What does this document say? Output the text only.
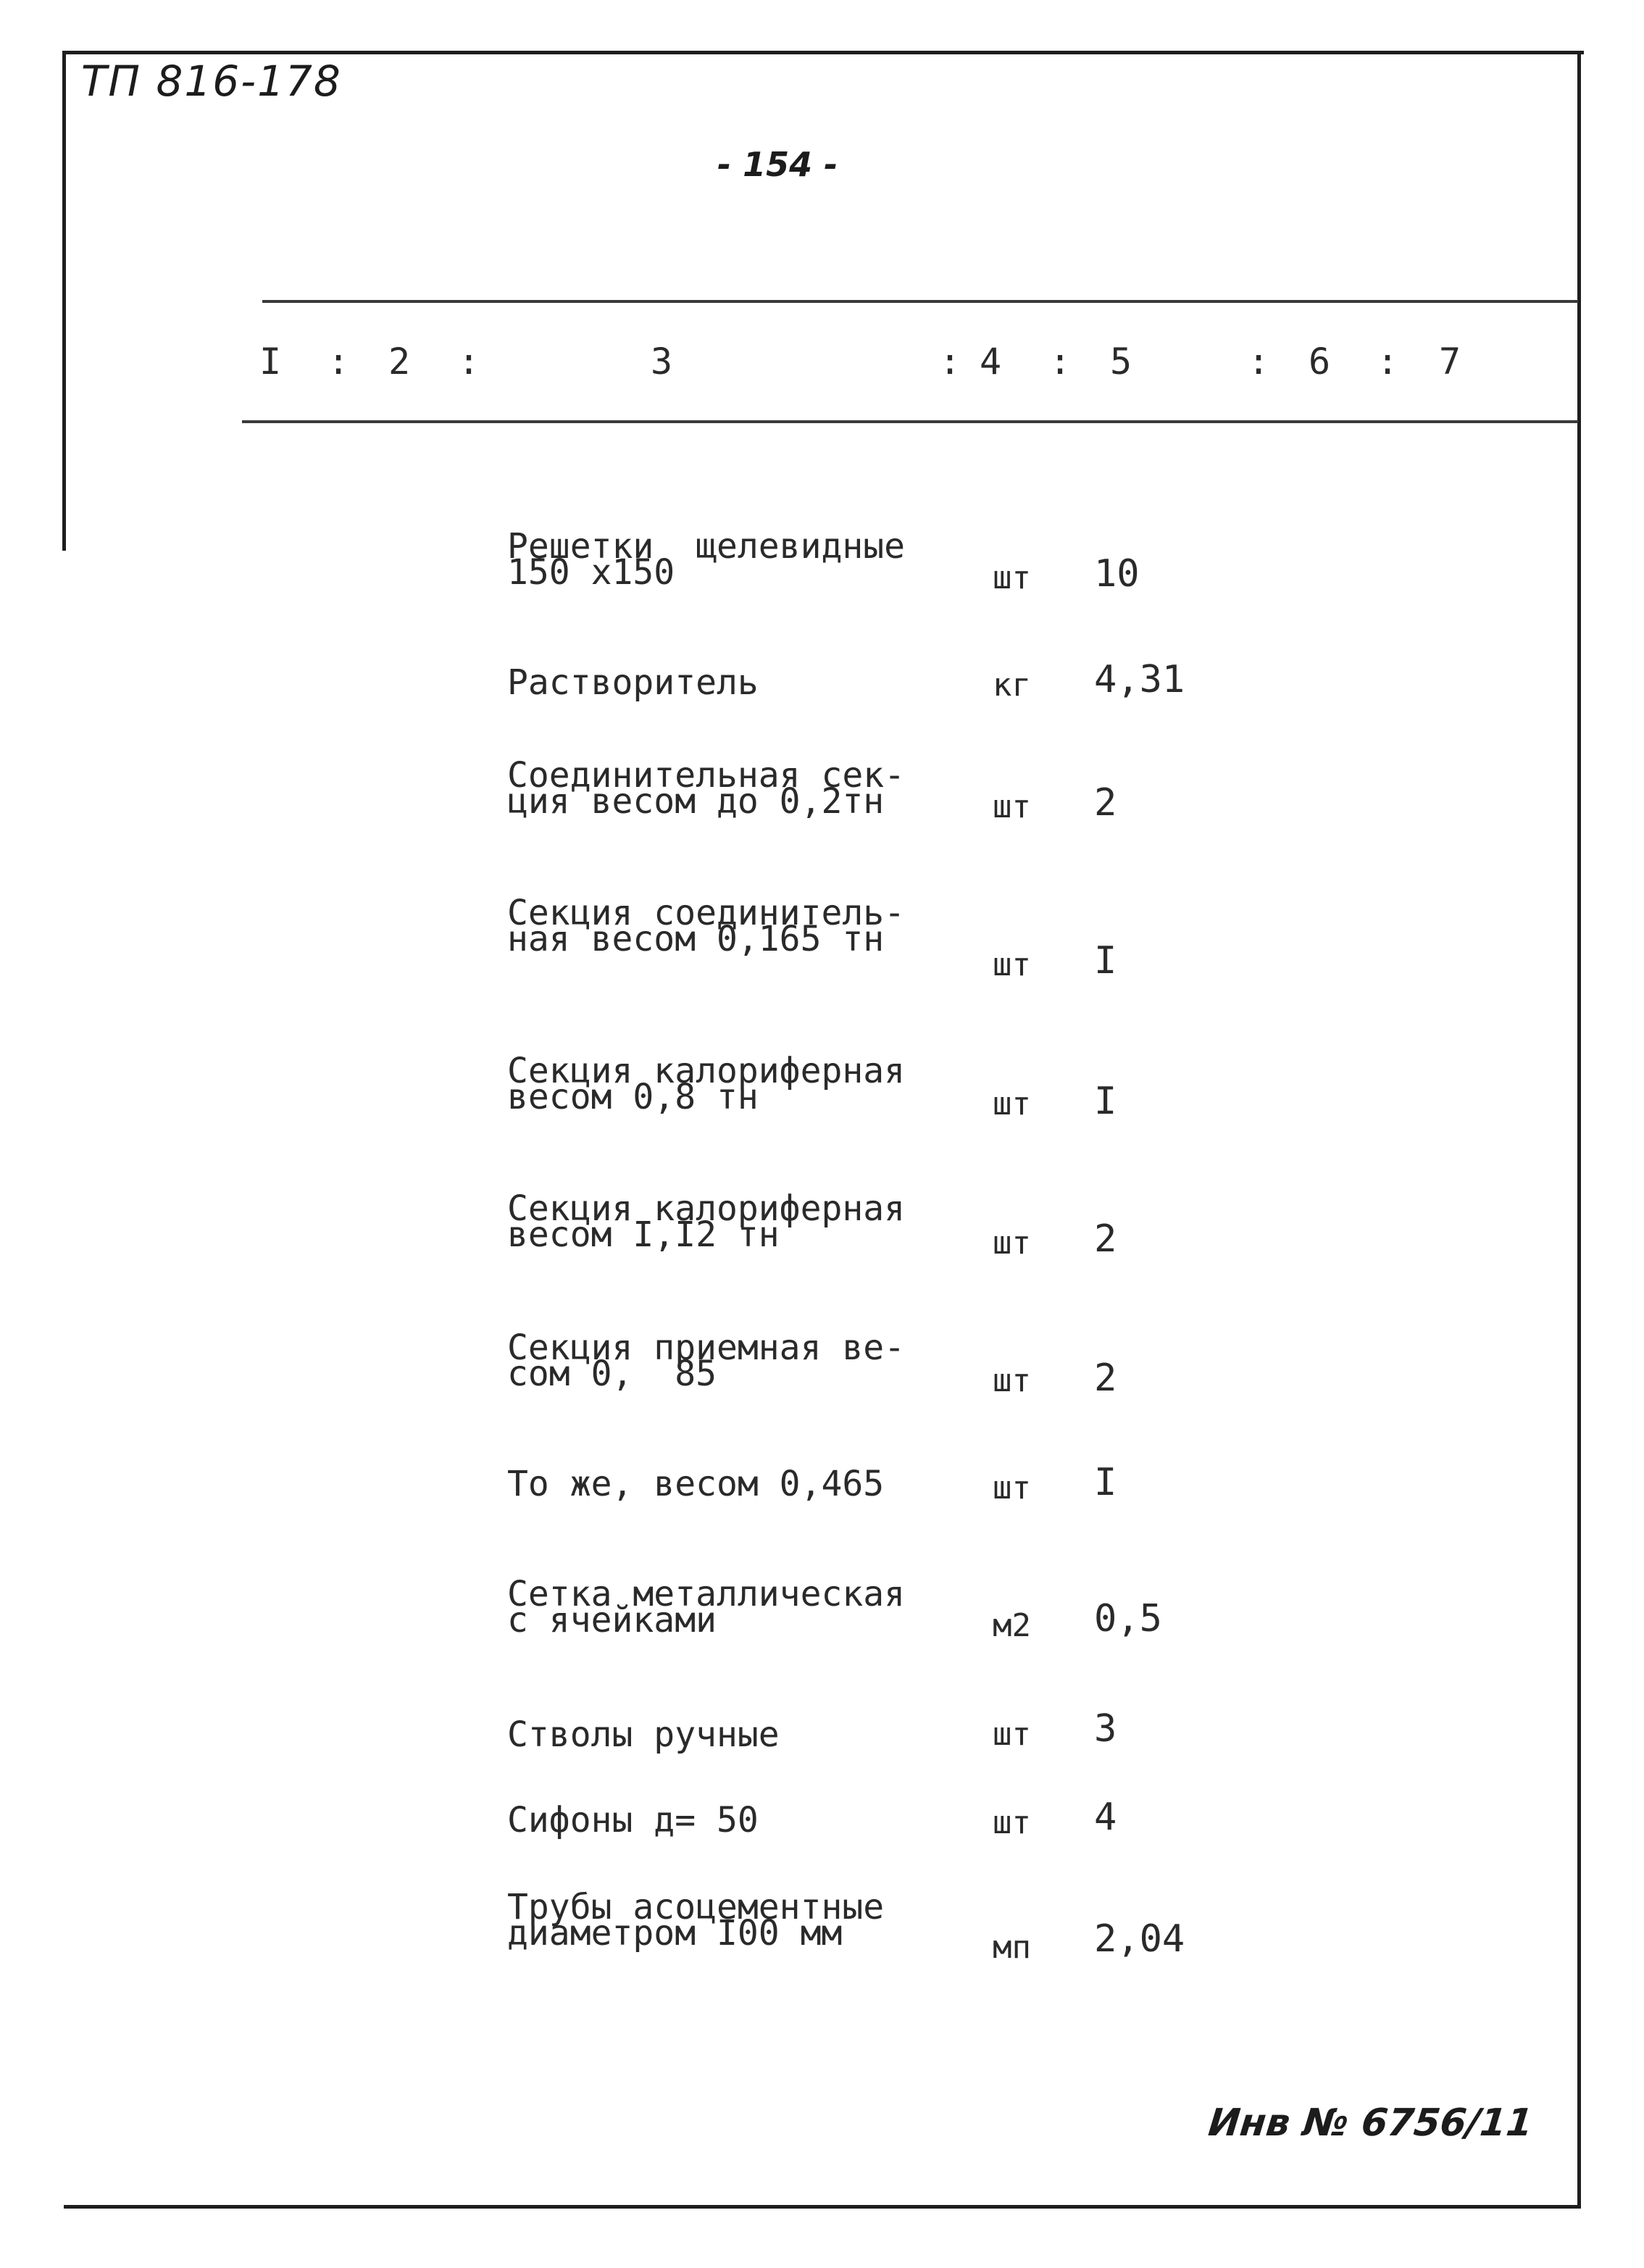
ТП 816-178
- 154 -
I : 2 :	3	: 4 : 5	: 6 : 7
Решетки  щелевидные
150 х150	шт 10
Растворитель	кг 4,31
Соединительная сек-
ция весом до 0,2тн	шт 2
Секция соединитель-
ная весом 0,165 тн
шт I
Секция калориферная
весом 0,8 тн	шт I
Секция калориферная
весом I,I2 тн	шт 2
Секция приемная ве-
сом 0,  85	шт 2
То же, весом 0,465	шт I
Сетка металлическая
с ячейками	м2 0,5
Стволы ручные	шт 3
Сифоны д= 50	шт 4
Трубы асоцементные
диаметром I00 мм	мп 2,04
Инв № 6756/11
